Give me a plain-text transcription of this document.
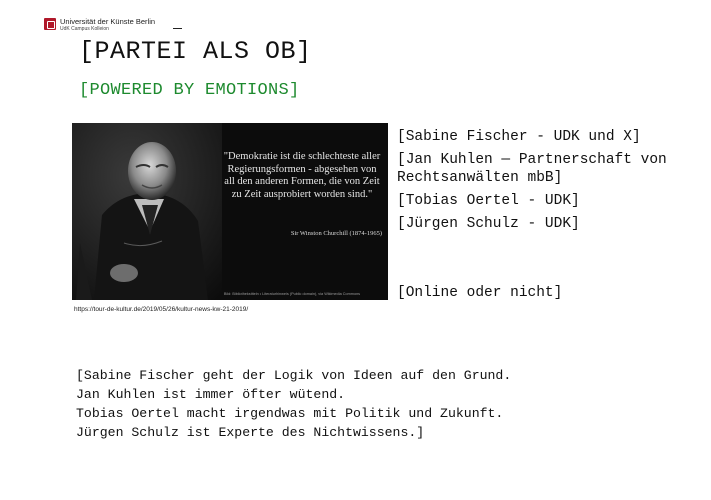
Universität der Künste Berlin
UdK Campus Kolleion
[PARTEI ALS OB]
[POWERED BY EMOTIONS]
"Demokratie ist die schlechteste aller Regierungsformen - abgesehen von all den anderen Formen, die von Zeit zu Zeit ausprobiert worden sind."
Sir Winston Churchill (1874-1965)
Bild: Bibliothekstiteln • Literaturhinweis (Public domain), via Wikimedia Commons
https://tour-de-kultur.de/2019/05/26/kultur-news-kw-21-2019/
[Sabine Fischer - UDK und X]
[Jan Kuhlen — Partnerschaft von Rechtsanwälten mbB]
[Tobias Oertel - UDK]
[Jürgen Schulz - UDK]
[Online oder nicht]
[Sabine Fischer geht der Logik von Ideen auf den Grund.
Jan Kuhlen ist immer öfter wütend.
Tobias Oertel macht irgendwas mit Politik und Zukunft.
Jürgen Schulz ist Experte des Nichtwissens.]
